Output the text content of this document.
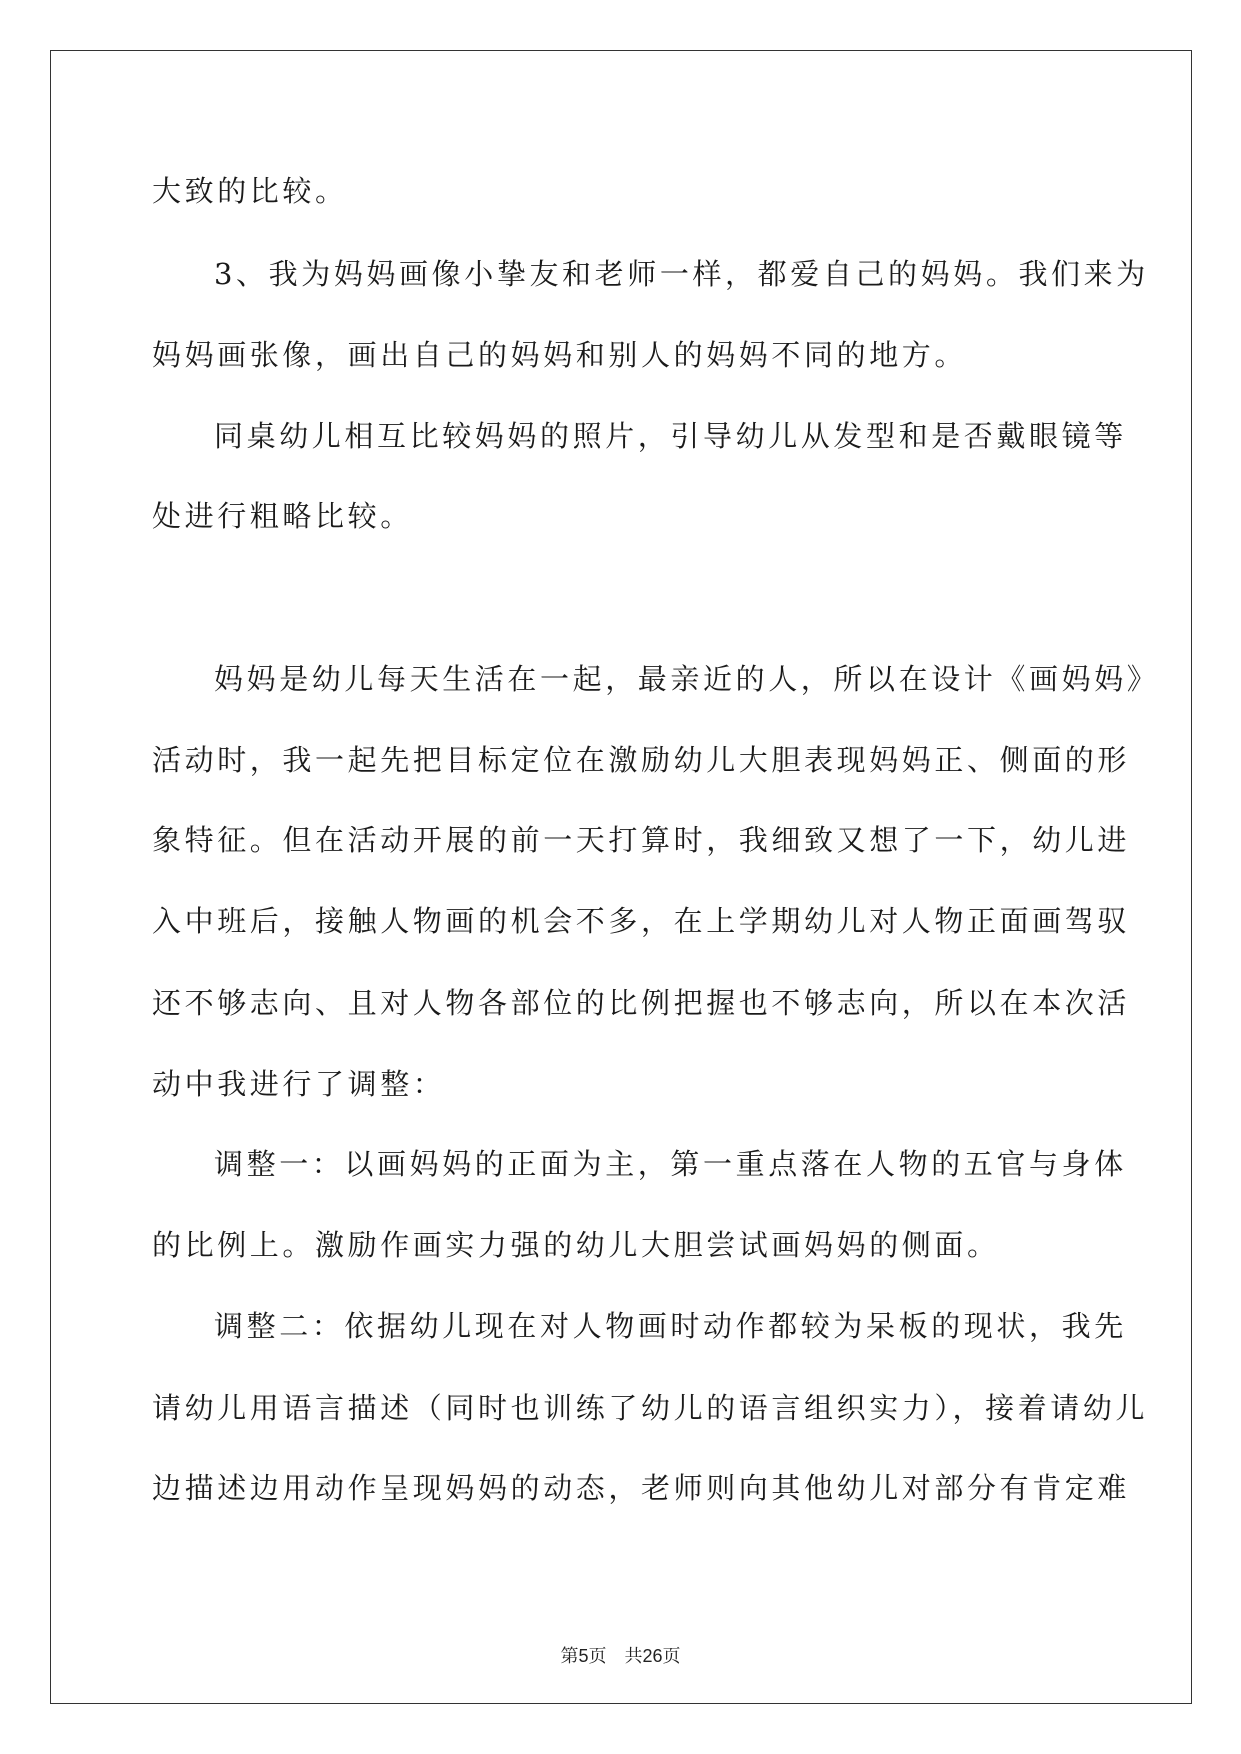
大致的比较。
3、我为妈妈画像小挚友和老师一样，都爱自己的妈妈。我们来为
妈妈画张像，画出自己的妈妈和别人的妈妈不同的地方。
同桌幼儿相互比较妈妈的照片，引导幼儿从发型和是否戴眼镜等
处进行粗略比较。
妈妈是幼儿每天生活在一起，最亲近的人，所以在设计《画妈妈》
活动时，我一起先把目标定位在激励幼儿大胆表现妈妈正、侧面的形
象特征。但在活动开展的前一天打算时，我细致又想了一下，幼儿进
入中班后，接触人物画的机会不多，在上学期幼儿对人物正面画驾驭
还不够志向、且对人物各部位的比例把握也不够志向，所以在本次活
动中我进行了调整：
调整一：以画妈妈的正面为主，第一重点落在人物的五官与身体
的比例上。激励作画实力强的幼儿大胆尝试画妈妈的侧面。
调整二：依据幼儿现在对人物画时动作都较为呆板的现状，我先
请幼儿用语言描述（同时也训练了幼儿的语言组织实力），接着请幼儿
边描述边用动作呈现妈妈的动态，老师则向其他幼儿对部分有肯定难
第5页 共26页
